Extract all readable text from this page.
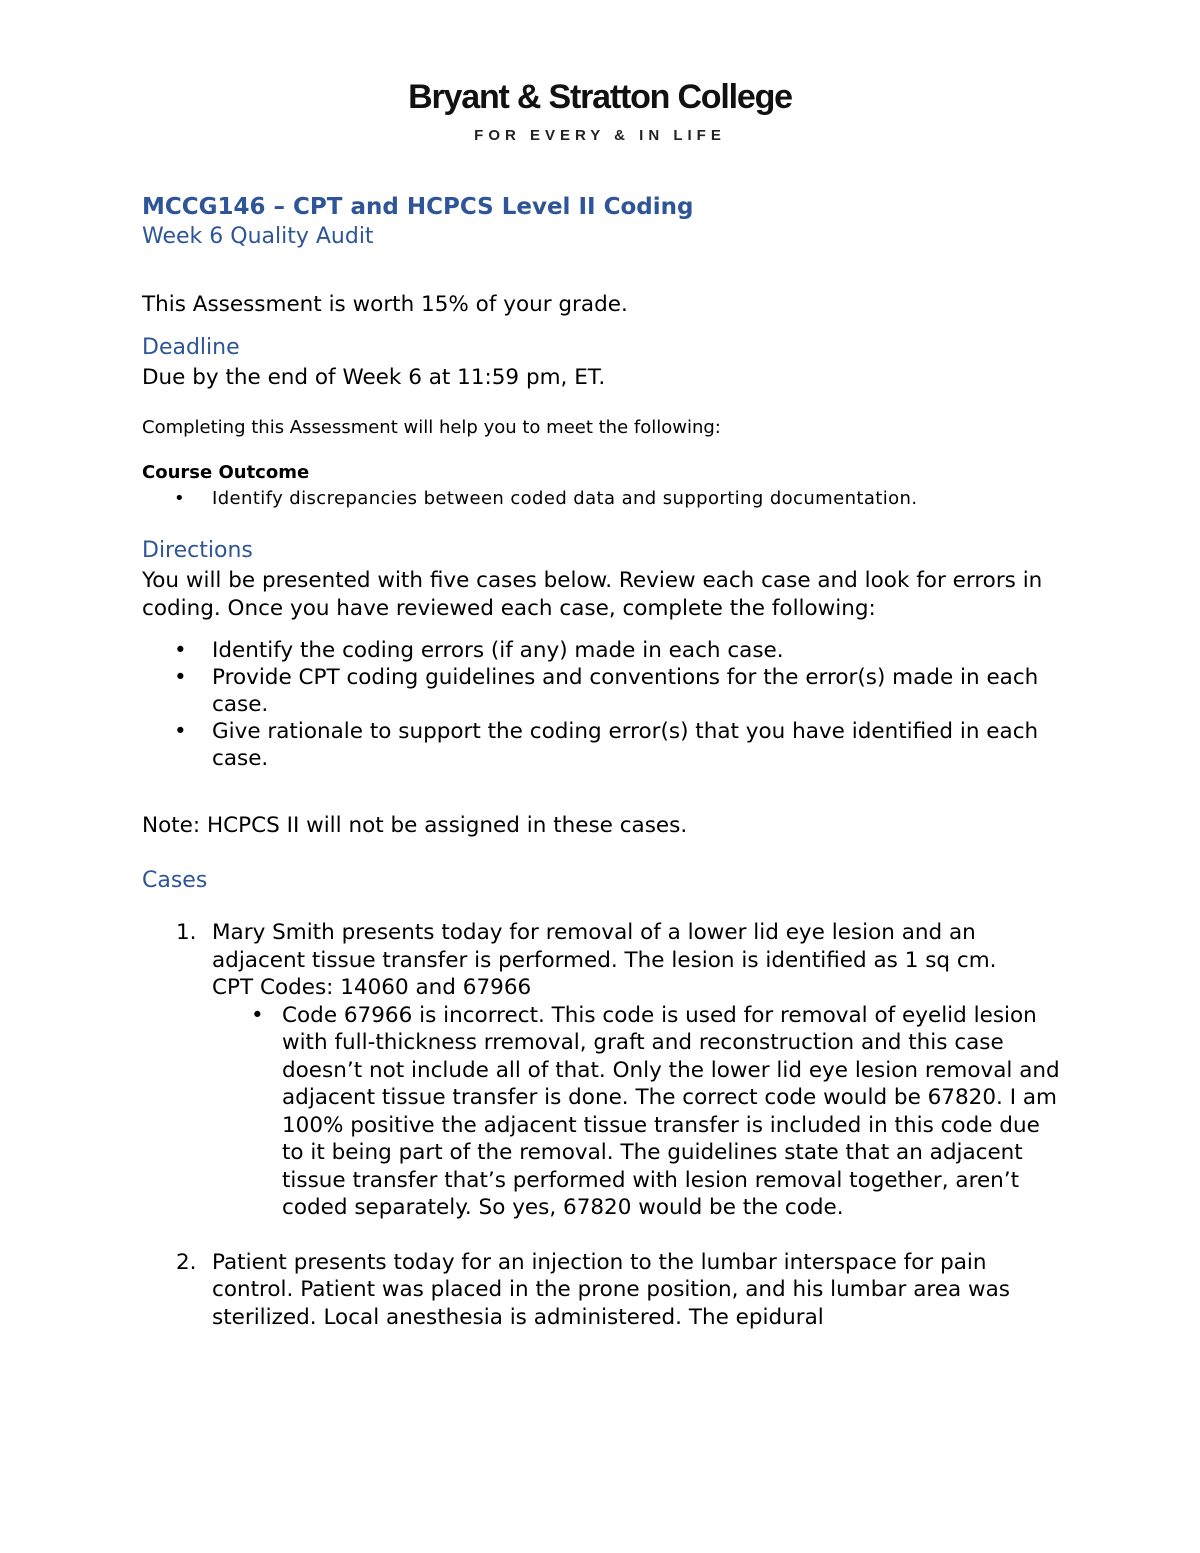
Bryant & Stratton College
FOR EVERY & IN LIFE
MCCG146 – CPT and HCPCS Level II Coding
Week 6 Quality Audit
This Assessment is worth 15% of your grade.
Deadline
Due by the end of Week 6 at 11:59 pm, ET.
Completing this Assessment will help you to meet the following:
Course Outcome
• Identify discrepancies between coded data and supporting documentation.
Directions
You will be presented with five cases below. Review each case and look for errors in coding. Once you have reviewed each case, complete the following:
• Identify the coding errors (if any) made in each case.
• Provide CPT coding guidelines and conventions for the error(s) made in each case.
• Give rationale to support the coding error(s) that you have identified in each case.
Note: HCPCS II will not be assigned in these cases.
Cases
1. Mary Smith presents today for removal of a lower lid eye lesion and an adjacent tissue transfer is performed. The lesion is identified as 1 sq cm.
CPT Codes: 14060 and 67966
• Code 67966 is incorrect. This code is used for removal of eyelid lesion with full-thickness rremoval, graft and reconstruction and this case doesn’t not include all of that. Only the lower lid eye lesion removal and adjacent tissue transfer is done. The correct code would be 67820. I am 100% positive the adjacent tissue transfer is included in this code due to it being part of the removal. The guidelines state that an adjacent tissue transfer that’s performed with lesion removal together, aren’t coded separately. So yes, 67820 would be the code.
2. Patient presents today for an injection to the lumbar interspace for pain control. Patient was placed in the prone position, and his lumbar area was sterilized. Local anesthesia is administered. The epidural
